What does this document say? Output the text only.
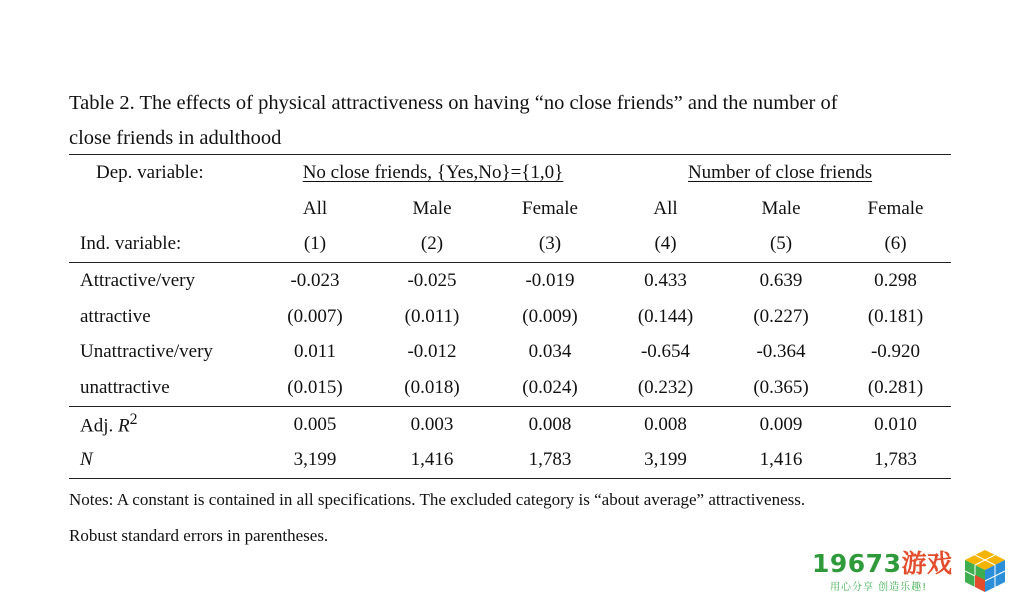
Table 2. The effects of physical attractiveness on having “no close friends” and the number of
close friends in adulthood
Dep. variable:	No close friends, {Yes,No}={1,0}			Number of close friends		
	All	Male	Female	All	Male	Female
Ind. variable:	(1)	(2)	(3)	(4)	(5)	(6)
Attractive/very	-0.023	-0.025	-0.019	0.433	0.639	0.298
attractive	(0.007)	(0.011)	(0.009)	(0.144)	(0.227)	(0.181)
Unattractive/very	0.011	-0.012	0.034	-0.654	-0.364	-0.920
unattractive	(0.015)	(0.018)	(0.024)	(0.232)	(0.365)	(0.281)
Adj. $R^2$	0.005	0.003	0.008	0.008	0.009	0.010
N	3,199	1,416	1,783	3,199	1,416	1,783
Notes: A constant is contained in all specifications. The excluded category is “about average” attractiveness.
Robust standard errors in parentheses.
19673游戏
用心分享 创造乐趣!
